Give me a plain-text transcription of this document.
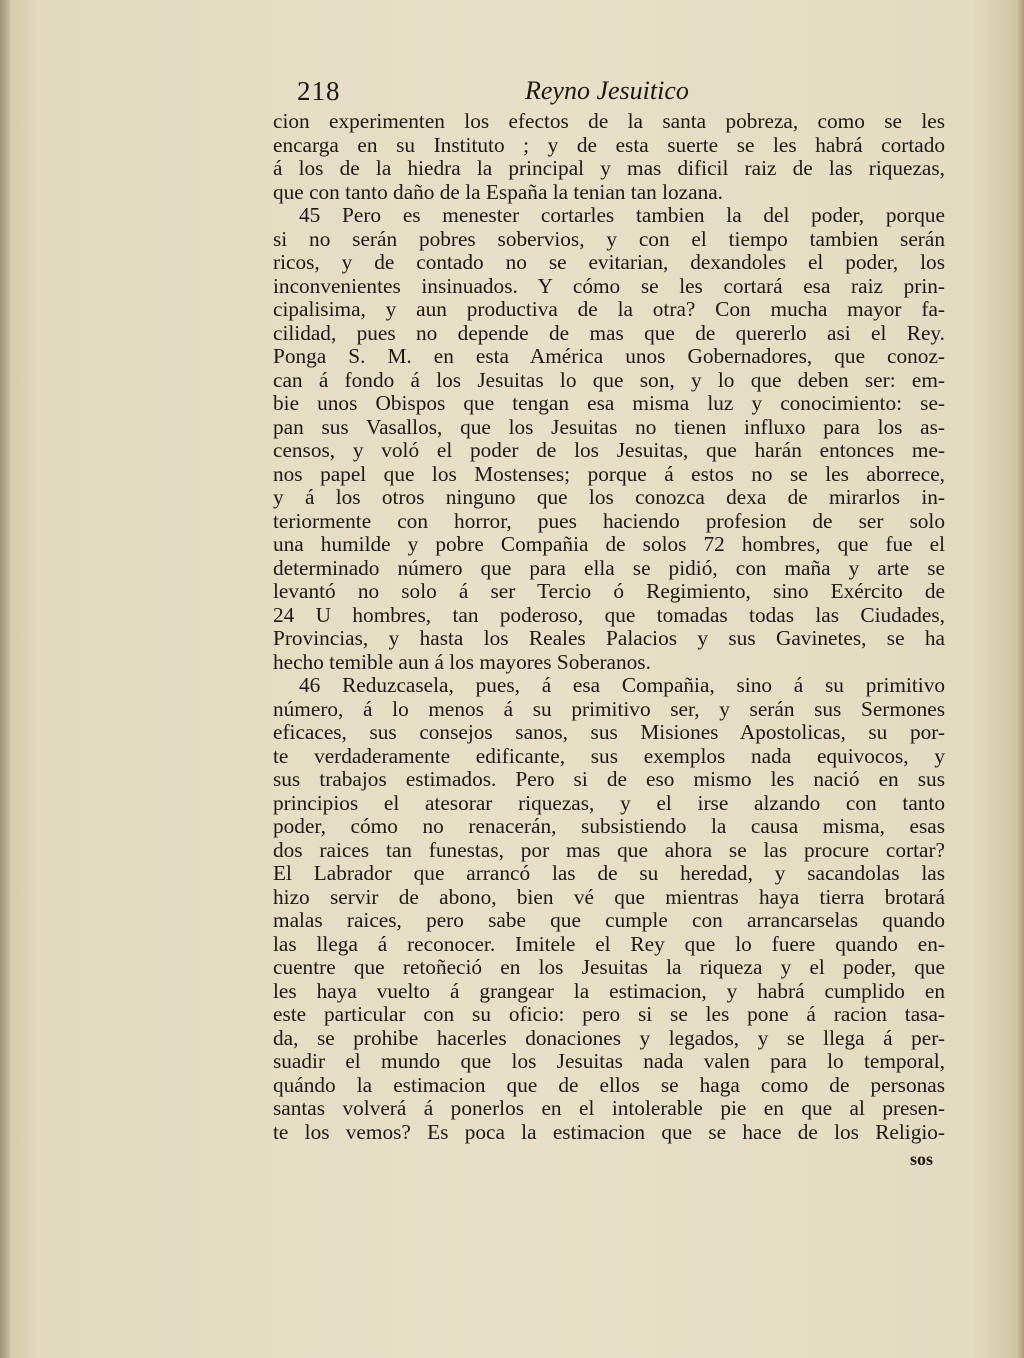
218	Reyno Jesuitico
cion experimenten los efectos de la santa pobreza, como se les
encarga en su Instituto ; y de esta suerte se les habrá cortado
á los de la hiedra la principal y mas dificil raiz de las riquezas,
que con tanto daño de la España la tenian tan lozana.
45 Pero es menester cortarles tambien la del poder, porque
si no serán pobres sobervios, y con el tiempo tambien serán
ricos, y de contado no se evitarian, dexandoles el poder, los
inconvenientes insinuados. Y cómo se les cortará esa raiz prin-
cipalisima, y aun productiva de la otra? Con mucha mayor fa-
cilidad, pues no depende de mas que de quererlo asi el Rey.
Ponga S. M. en esta América unos Gobernadores, que conoz-
can á fondo á los Jesuitas lo que son, y lo que deben ser: em-
bie unos Obispos que tengan esa misma luz y conocimiento: se-
pan sus Vasallos, que los Jesuitas no tienen influxo para los as-
censos, y voló el poder de los Jesuitas, que harán entonces me-
nos papel que los Mostenses; porque á estos no se les aborrece,
y á los otros ninguno que los conozca dexa de mirarlos in-
teriormente con horror, pues haciendo profesion de ser solo
una humilde y pobre Compañia de solos 72 hombres, que fue el
determinado número que para ella se pidió, con maña y arte se
levantó no solo á ser Tercio ó Regimiento, sino Exército de
24 U hombres, tan poderoso, que tomadas todas las Ciudades,
Provincias, y hasta los Reales Palacios y sus Gavinetes, se ha
hecho temible aun á los mayores Soberanos.
46 Reduzcasela, pues, á esa Compañia, sino á su primitivo
número, á lo menos á su primitivo ser, y serán sus Sermones
eficaces, sus consejos sanos, sus Misiones Apostolicas, su por-
te verdaderamente edificante, sus exemplos nada equivocos, y
sus trabajos estimados. Pero si de eso mismo les nació en sus
principios el atesorar riquezas, y el irse alzando con tanto
poder, cómo no renacerán, subsistiendo la causa misma, esas
dos raices tan funestas, por mas que ahora se las procure cortar?
El Labrador que arrancó las de su heredad, y sacandolas las
hizo servir de abono, bien vé que mientras haya tierra brotará
malas raices, pero sabe que cumple con arrancarselas quando
las llega á reconocer. Imitele el Rey que lo fuere quando en-
cuentre que retoñeció en los Jesuitas la riqueza y el poder, que
les haya vuelto á grangear la estimacion, y habrá cumplido en
este particular con su oficio: pero si se les pone á racion tasa-
da, se prohibe hacerles donaciones y legados, y se llega á per-
suadir el mundo que los Jesuitas nada valen para lo temporal,
quándo la estimacion que de ellos se haga como de personas
santas volverá á ponerlos en el intolerable pie en que al presen-
te los vemos? Es poca la estimacion que se hace de los Religio-
sos
